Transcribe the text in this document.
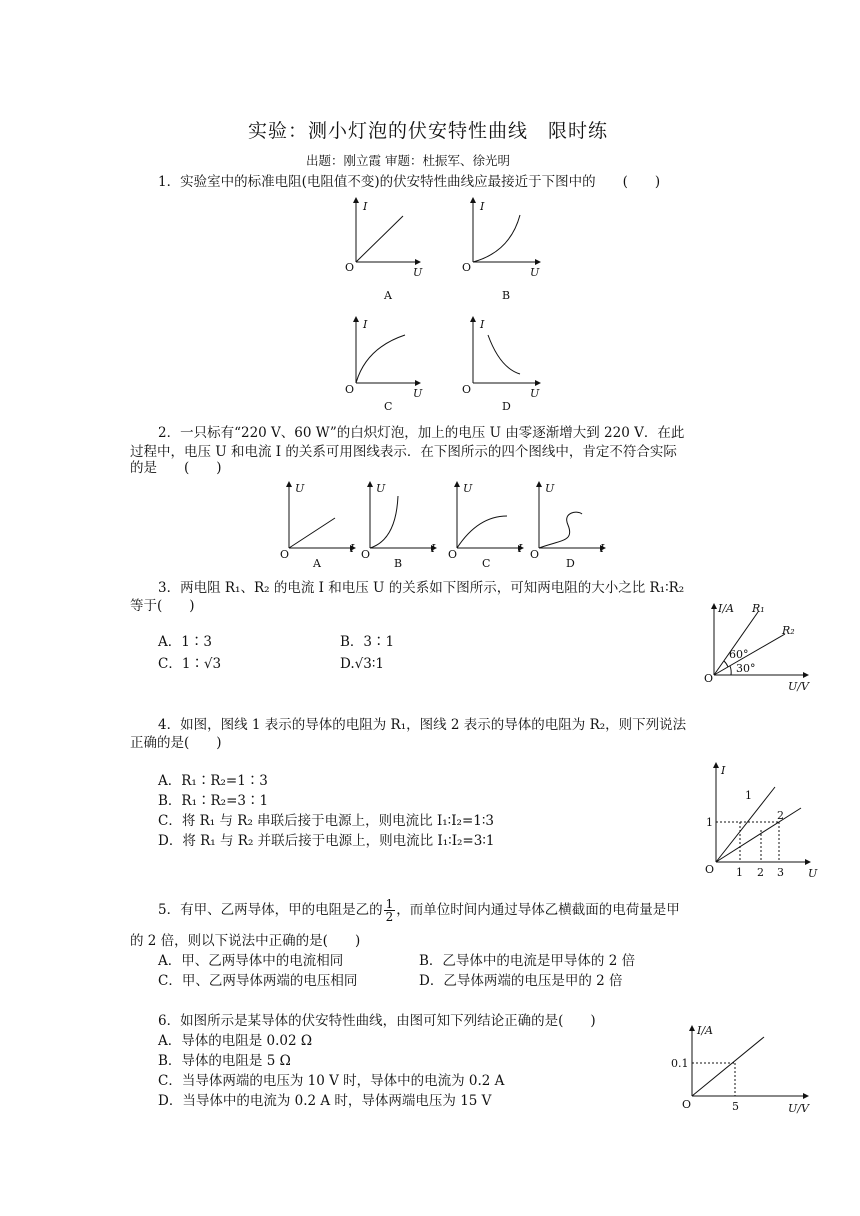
实验：测小灯泡的伏安特性曲线　限时练
出题：刚立霞 审题：杜振军、徐光明
1．实验室中的标准电阻(电阻值不变)的伏安特性曲线应最接近于下图中的　　(　　)
I
U
O
A
I
U
O
B
I
U
O
C
I
U
O
D
2．一只标有“220 V、60 W”的白炽灯泡，加上的电压 U 由零逐渐增大到 220 V．在此
过程中，电压 U 和电流 I 的关系可用图线表示．在下图所示的四个图线中，肯定不符合实际
的是　　(　　)
U
I
O
A
U
I
O
B
U
I
O
C
U
I
O
D
3．两电阻 R₁、R₂ 的电流 I 和电压 U 的关系如下图所示，可知两电阻的大小之比 R₁∶R₂
等于(　　)
A．1∶3	B．3∶1
C．1∶√3	D.√3∶1
I/A
U/V
O
R₁
R₂
60°
30°
4．如图，图线 1 表示的导体的电阻为 R₁，图线 2 表示的导体的电阻为 R₂，则下列说法
正确的是(　　)
A．R₁∶R₂=1∶3
B．R₁∶R₂=3∶1
C．将 R₁ 与 R₂ 串联后接于电源上，则电流比 I₁∶I₂=1∶3
D．将 R₁ 与 R₂ 并联后接于电源上，则电流比 I₁∶I₂=3∶1
I
U
O
1
2
1
1 2 3
5．有甲、乙两导体，甲的电阻是乙的 $\frac{1}{2}$ ，而单位时间内通过导体乙横截面的电荷量是甲
的 2 倍，则以下说法中正确的是(　　)
A．甲、乙两导体中的电流相同	B．乙导体中的电流是甲导体的 2 倍
C．甲、乙两导体两端的电压相同	D．乙导体两端的电压是甲的 2 倍
6．如图所示是某导体的伏安特性曲线，由图可知下列结论正确的是(　　)
A．导体的电阻是 0.02 Ω
B．导体的电阻是 5 Ω
C．当导体两端的电压为 10 V 时，导体中的电流为 0.2 A
D．当导体中的电流为 0.2 A 时，导体两端电压为 15 V
I/A
U/V
O
0.1
5
